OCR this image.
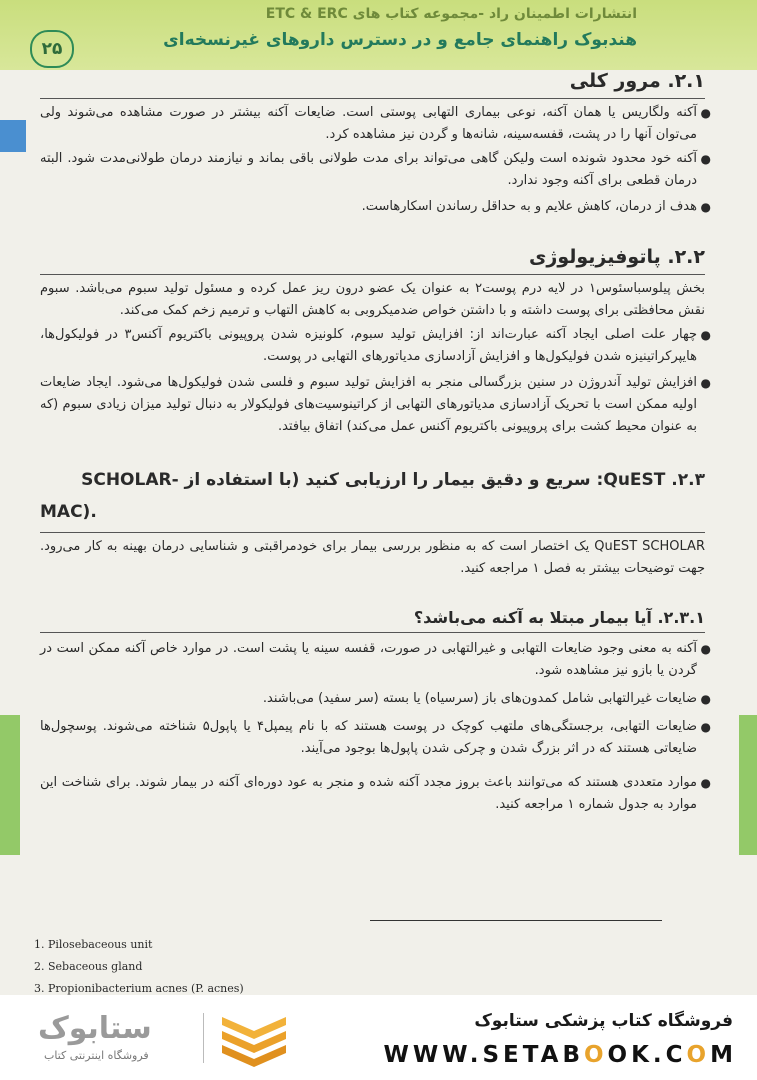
۲۵
انتشارات اطمینان راد -مجموعه کتاب های ETC & ERC
هندبوک راهنمای جامع و در دسترس داروهای غیرنسخه‌ای
۲.۱. مرور کلی
●
آکنه ولگاریس یا همان آکنه، نوعی بیماری التهابی پوستی است. ضایعات آکنه بیشتر در صورت مشاهده می‌شوند ولی می‌توان آنها را در پشت، قفسه‌سینه، شانه‌ها و گردن نیز مشاهده کرد.
●
آکنه خود محدود شونده است ولیکن گاهی می‌تواند برای مدت طولانی باقی بماند و نیازمند درمان طولانی‌مدت شود. البته درمان قطعی برای آکنه وجود ندارد.
●
هدف از درمان، کاهش علایم و به حداقل رساندن اسکارهاست.
۲.۲. پاتوفیزیولوژی
بخش پیلوسباسئوس۱ در لایه درم پوست۲ به عنوان یک عضو درون ریز عمل کرده و مسئول تولید سبوم می‌باشد. سبوم نقش محافظتی برای پوست داشته و با داشتن خواص ضدمیکروبی به کاهش التهاب و ترمیم زخم کمک می‌کند.
●
چهار علت اصلی ایجاد آکنه عبارت‌اند از: افزایش تولید سبوم، کلونیزه شدن پروپیونی باکتریوم آکنس۳ در فولیکول‌ها، هایپرکراتینیزه شدن فولیکول‌ها و افزایش آزادسازی مدیاتورهای التهابی در پوست.
●
افزایش تولید آندروژن در سنین بزرگسالی منجر به افزایش تولید سبوم و فلسی شدن فولیکول‌ها می‌شود. ایجاد ضایعات اولیه ممکن است با تحریک آزادسازی مدیاتورهای التهابی از کراتینوسیت‌های فولیکولار به دنبال تولید میزان زیادی سبوم (که به عنوان محیط کشت برای پروپیونی باکتریوم آکنس عمل می‌کند) اتفاق بیافتد.
۲.۳. QuEST: سریع و دقیق بیمار را ارزیابی کنید (با استفاده از -SCHOLAR
MAC).
QuEST SCHOLAR یک اختصار است که به منظور بررسی بیمار برای خودمراقبتی و شناسایی درمان بهینه به کار می‌رود. جهت توضیحات بیشتر به فصل ۱ مراجعه کنید.
۲.۳.۱. آیا بیمار مبتلا به آکنه می‌باشد؟
●
آکنه به معنی وجود ضایعات التهابی و غیرالتهابی در صورت، قفسه سینه یا پشت است. در موارد خاص آکنه ممکن است در گردن یا بازو نیز مشاهده شود.
●
ضایعات غیرالتهابی شامل کمدون‌های باز (سرسیاه) یا بسته (سر سفید) می‌باشند.
●
ضایعات التهابی، برجستگی‌های ملتهب کوچک در پوست هستند که با نام پیمپل۴ یا پاپول۵ شناخته می‌شوند. پوسچول‌ها ضایعاتی هستند که در اثر بزرگ شدن و چرکی شدن پاپول‌ها بوجود می‌آیند.
●
موارد متعددی هستند که می‌توانند باعث بروز مجدد آکنه شده و منجر به عود دوره‌ای آکنه در بیمار شوند. برای شناخت این موارد به جدول شماره ۱ مراجعه کنید.
1. Pilosebaceous unit
2. Sebaceous gland
3. Propionibacterium acnes (P. acnes)
ستابوک
فروشگاه اینترنتی کتاب
فروشگاه کتاب پزشکی ستابوک
WWW.SETABOOK.COM
